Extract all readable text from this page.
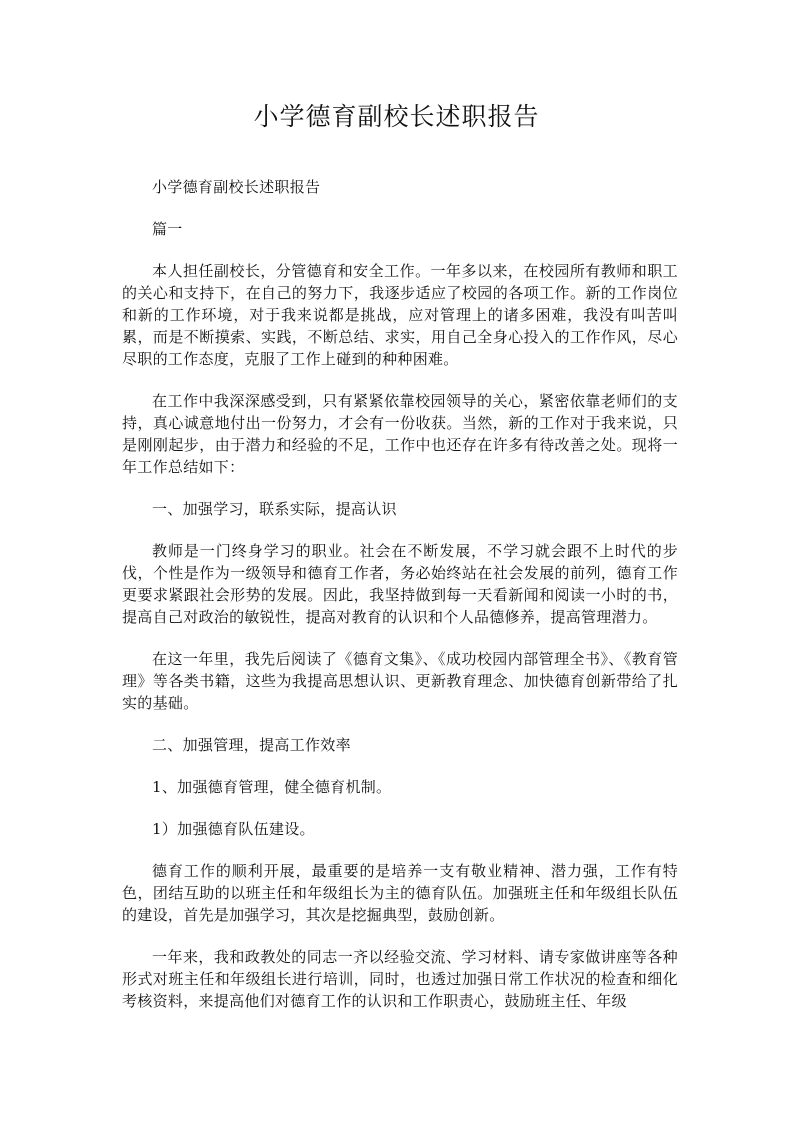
小学德育副校长述职报告

小学德育副校长述职报告

篇一

本人担任副校长，分管德育和安全工作。一年多以来，在校园所有教师和职工的关心和支持下，在自己的努力下，我逐步适应了校园的各项工作。新的工作岗位和新的工作环境，对于我来说都是挑战，应对管理上的诸多困难，我没有叫苦叫累，而是不断摸索、实践，不断总结、求实，用自己全身心投入的工作作风，尽心尽职的工作态度，克服了工作上碰到的种种困难。

在工作中我深深感受到，只有紧紧依靠校园领导的关心，紧密依靠老师们的支持，真心诚意地付出一份努力，才会有一份收获。当然，新的工作对于我来说，只是刚刚起步，由于潜力和经验的不足，工作中也还存在许多有待改善之处。现将一年工作总结如下：

一、加强学习，联系实际，提高认识

教师是一门终身学习的职业。社会在不断发展，不学习就会跟不上时代的步伐，个性是作为一级领导和德育工作者，务必始终站在社会发展的前列，德育工作更要求紧跟社会形势的发展。因此，我坚持做到每一天看新闻和阅读一小时的书，提高自己对政治的敏锐性，提高对教育的认识和个人品德修养，提高管理潜力。

在这一年里，我先后阅读了《德育文集》、《成功校园内部管理全书》、《教育管理》等各类书籍，这些为我提高思想认识、更新教育理念、加快德育创新带给了扎实的基础。

二、加强管理，提高工作效率

1、加强德育管理，健全德育机制。

1）加强德育队伍建设。

德育工作的顺利开展，最重要的是培养一支有敬业精神、潜力强，工作有特色，团结互助的以班主任和年级组长为主的德育队伍。加强班主任和年级组长队伍的建设，首先是加强学习，其次是挖掘典型，鼓励创新。

一年来，我和政教处的同志一齐以经验交流、学习材料、请专家做讲座等各种形式对班主任和年级组长进行培训，同时，也透过加强日常工作状况的检查和细化考核资料，来提高他们对德育工作的认识和工作职责心，鼓励班主任、年级
